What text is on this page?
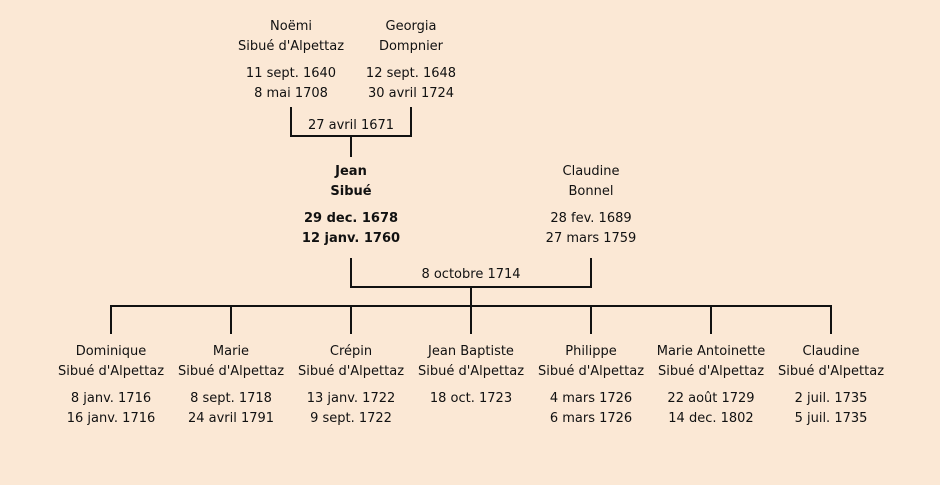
Noëmi
Sibué d'Alpettaz
11 sept. 1640
8 mai 1708
Georgia
Dompnier
12 sept. 1648
30 avril 1724
27 avril 1671
Jean
Sibué
29 dec. 1678
12 janv. 1760
Claudine
Bonnel
28 fev. 1689
27 mars 1759
8 octobre 1714
Dominique
Sibué d'Alpettaz
8 janv. 1716
16 janv. 1716
Marie
Sibué d'Alpettaz
8 sept. 1718
24 avril 1791
Crépin
Sibué d'Alpettaz
13 janv. 1722
9 sept. 1722
Jean Baptiste
Sibué d'Alpettaz
18 oct. 1723
Philippe
Sibué d'Alpettaz
4 mars 1726
6 mars 1726
Marie Antoinette
Sibué d'Alpettaz
22 août 1729
14 dec. 1802
Claudine
Sibué d'Alpettaz
2 juil. 1735
5 juil. 1735
